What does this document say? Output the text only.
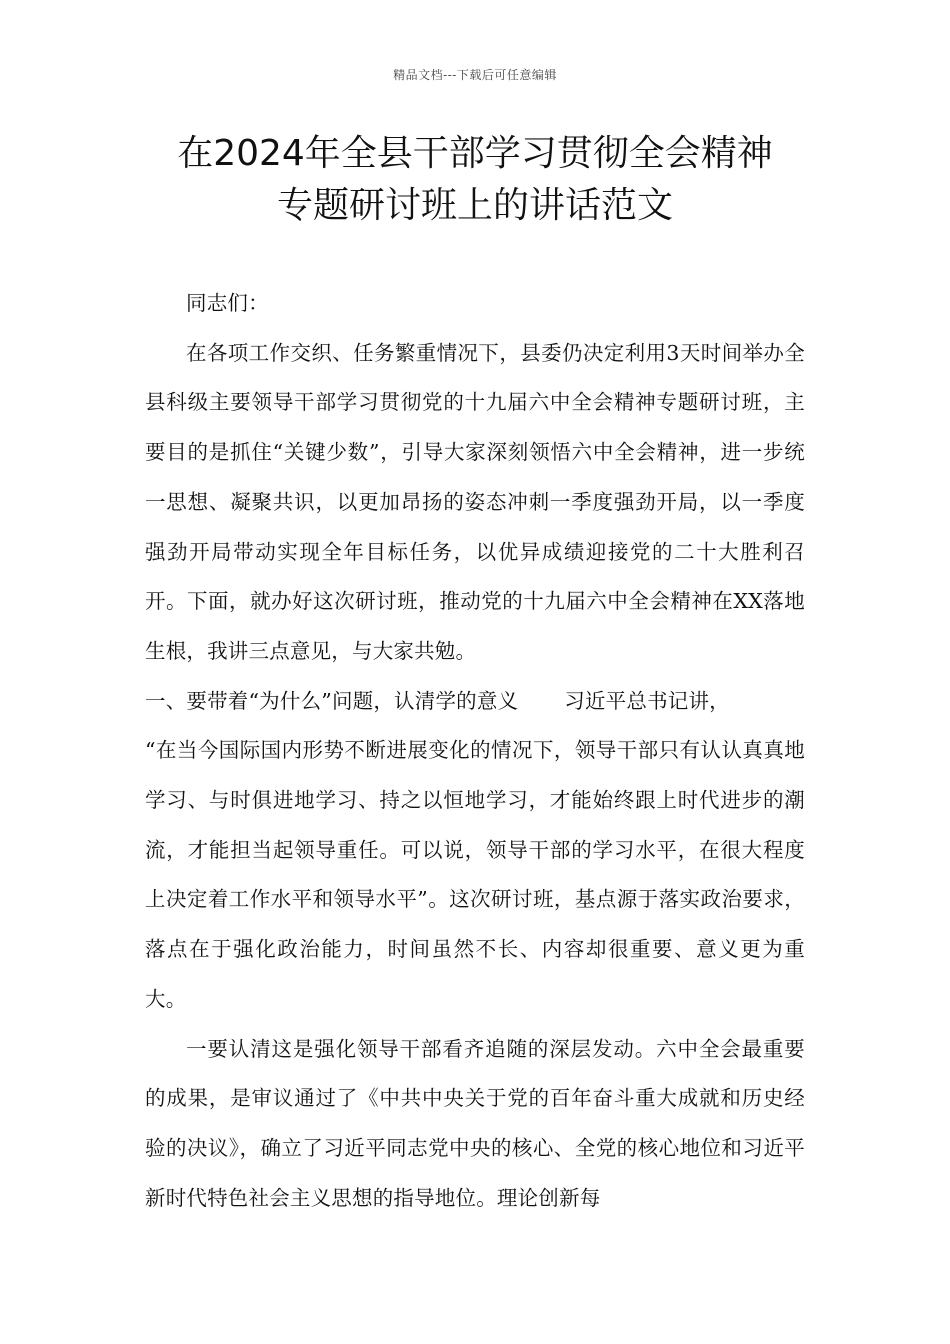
精品文档---下载后可任意编辑
在2024年全县干部学习贯彻全会精神
专题研讨班上的讲话范文

同志们：

在各项工作交织、任务繁重情况下，县委仍决定利用3天时间举办全县科级主要领导干部学习贯彻党的十九届六中全会精神专题研讨班，主要目的是抓住“关键少数”，引导大家深刻领悟六中全会精神，进一步统一思想、凝聚共识，以更加昂扬的姿态冲刺一季度强劲开局，以一季度强劲开局带动实现全年目标任务，以优异成绩迎接党的二十大胜利召开。下面，就办好这次研讨班，推动党的十九届六中全会精神在XX落地生根，我讲三点意见，与大家共勉。

一、要带着“为什么”问题，认清学的意义 习近平总书记讲，

“在当今国际国内形势不断进展变化的情况下，领导干部只有认认真真地学习、与时俱进地学习、持之以恒地学习，才能始终跟上时代进步的潮流，才能担当起领导重任。可以说，领导干部的学习水平，在很大程度上决定着工作水平和领导水平”。这次研讨班，基点源于落实政治要求，落点在于强化政治能力，时间虽然不长、内容却很重要、意义更为重大。

一要认清这是强化领导干部看齐追随的深层发动。六中全会最重要的成果，是审议通过了《中共中央关于党的百年奋斗重大成就和历史经验的决议》，确立了习近平同志党中央的核心、全党的核心地位和习近平新时代特色社会主义思想的指导地位。理论创新每
